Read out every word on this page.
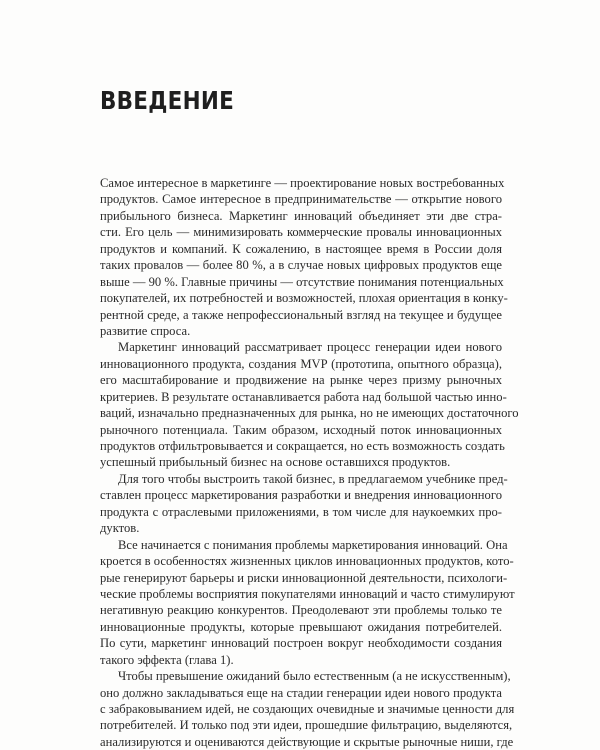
ВВЕДЕНИЕ
Самое интересное в маркетинге — проектирование новых востребованных
продуктов. Самое интересное в предпринимательстве — открытие нового
прибыльного бизнеса. Маркетинг инноваций объединяет эти две стра-
сти. Его цель — минимизировать коммерческие провалы инновационных
продуктов и компаний. К сожалению, в настоящее время в России доля
таких провалов — более 80 %, а в случае новых цифровых продуктов еще
выше — 90 %. Главные причины — отсутствие понимания потенциальных
покупателей, их потребностей и возможностей, плохая ориентация в конку-
рентной среде, а также непрофессиональный взгляд на текущее и будущее
развитие спроса.
Маркетинг инноваций рассматривает процесс генерации идеи нового
инновационного продукта, создания MVP (прототипа, опытного образца),
его масштабирование и продвижение на рынке через призму рыночных
критериев. В результате останавливается работа над большой частью инно-
ваций, изначально предназначенных для рынка, но не имеющих достаточного
рыночного потенциала. Таким образом, исходный поток инновационных
продуктов отфильтровывается и сокращается, но есть возможность создать
успешный прибыльный бизнес на основе оставшихся продуктов.
Для того чтобы выстроить такой бизнес, в предлагаемом учебнике пред-
ставлен процесс маркетирования разработки и внедрения инновационного
продукта с отраслевыми приложениями, в том числе для наукоемких про-
дуктов.
Все начинается с понимания проблемы маркетирования инноваций. Она
кроется в особенностях жизненных циклов инновационных продуктов, кото-
рые генерируют барьеры и риски инновационной деятельности, психологи-
ческие проблемы восприятия покупателями инноваций и часто стимулируют
негативную реакцию конкурентов. Преодолевают эти проблемы только те
инновационные продукты, которые превышают ожидания потребителей.
По сути, маркетинг инноваций построен вокруг необходимости создания
такого эффекта (глава 1).
Чтобы превышение ожиданий было естественным (а не искусственным),
оно должно закладываться еще на стадии генерации идеи нового продукта
с забраковыванием идей, не создающих очевидные и значимые ценности для
потребителей. И только под эти идеи, прошедшие фильтрацию, выделяются,
анализируются и оцениваются действующие и скрытые рыночные ниши, где
